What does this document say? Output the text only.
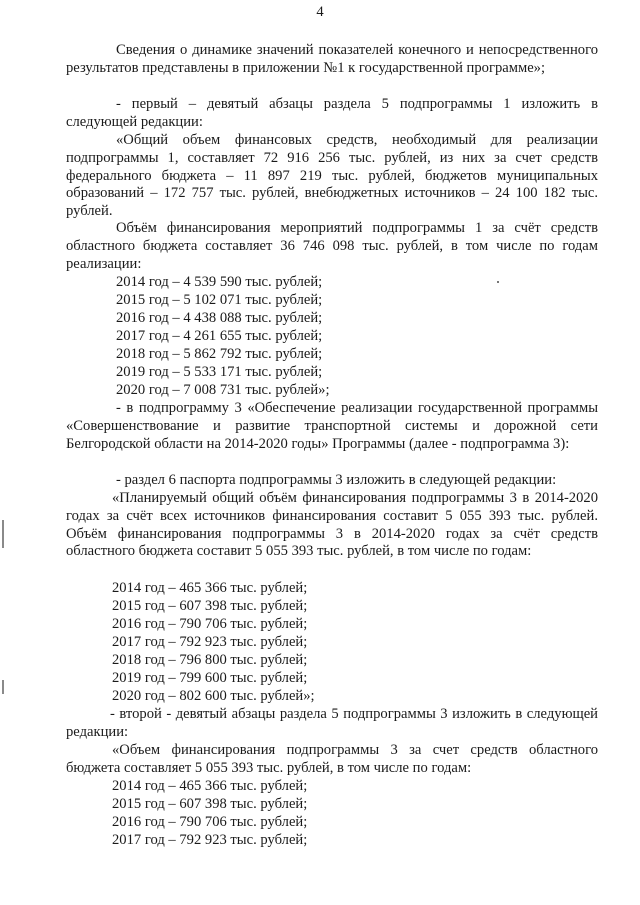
4
Сведения о динамике значений показателей конечного и непосредственного результатов представлены в приложении №1 к государственной программе»;
- первый – девятый абзацы раздела 5 подпрограммы 1 изложить в следующей редакции:
«Общий объем финансовых средств, необходимый для реализации подпрограммы 1, составляет 72 916 256 тыс. рублей, из них за счет средств федерального бюджета – 11 897 219 тыс. рублей, бюджетов муниципальных образований – 172 757 тыс. рублей, внебюджетных источников – 24 100 182 тыс. рублей.
Объём финансирования мероприятий подпрограммы 1 за счёт средств областного бюджета составляет 36 746 098 тыс. рублей, в том числе по годам реализации:
2014 год – 4 539 590 тыс. рублей;
2015 год – 5 102 071 тыс. рублей;
2016 год – 4 438 088 тыс. рублей;
2017 год – 4 261 655 тыс. рублей;
2018 год – 5 862 792 тыс. рублей;
2019 год – 5 533 171 тыс. рублей;
2020 год – 7 008 731 тыс. рублей»;
- в подпрограмму 3 «Обеспечение реализации государственной программы «Совершенствование и развитие транспортной системы и дорожной сети Белгородской области на 2014-2020 годы» Программы (далее - подпрограмма 3):
- раздел 6 паспорта подпрограммы 3 изложить в следующей редакции:
«Планируемый общий объём финансирования подпрограммы 3 в 2014-2020 годах за счёт всех источников финансирования составит 5 055 393 тыс. рублей. Объём финансирования подпрограммы 3 в 2014-2020 годах за счёт средств областного бюджета составит 5 055 393 тыс. рублей, в том числе по годам:
2014 год – 465 366 тыс. рублей;
2015 год – 607 398 тыс. рублей;
2016 год – 790 706 тыс. рублей;
2017 год – 792 923 тыс. рублей;
2018 год – 796 800 тыс. рублей;
2019 год – 799 600 тыс. рублей;
2020 год – 802 600 тыс. рублей»;
- второй - девятый абзацы раздела 5 подпрограммы 3 изложить в следующей редакции:
«Объем финансирования подпрограммы 3 за счет средств областного бюджета составляет 5 055 393 тыс. рублей, в том числе по годам:
2014 год – 465 366 тыс. рублей;
2015 год – 607 398 тыс. рублей;
2016 год – 790 706 тыс. рублей;
2017 год – 792 923 тыс. рублей;
